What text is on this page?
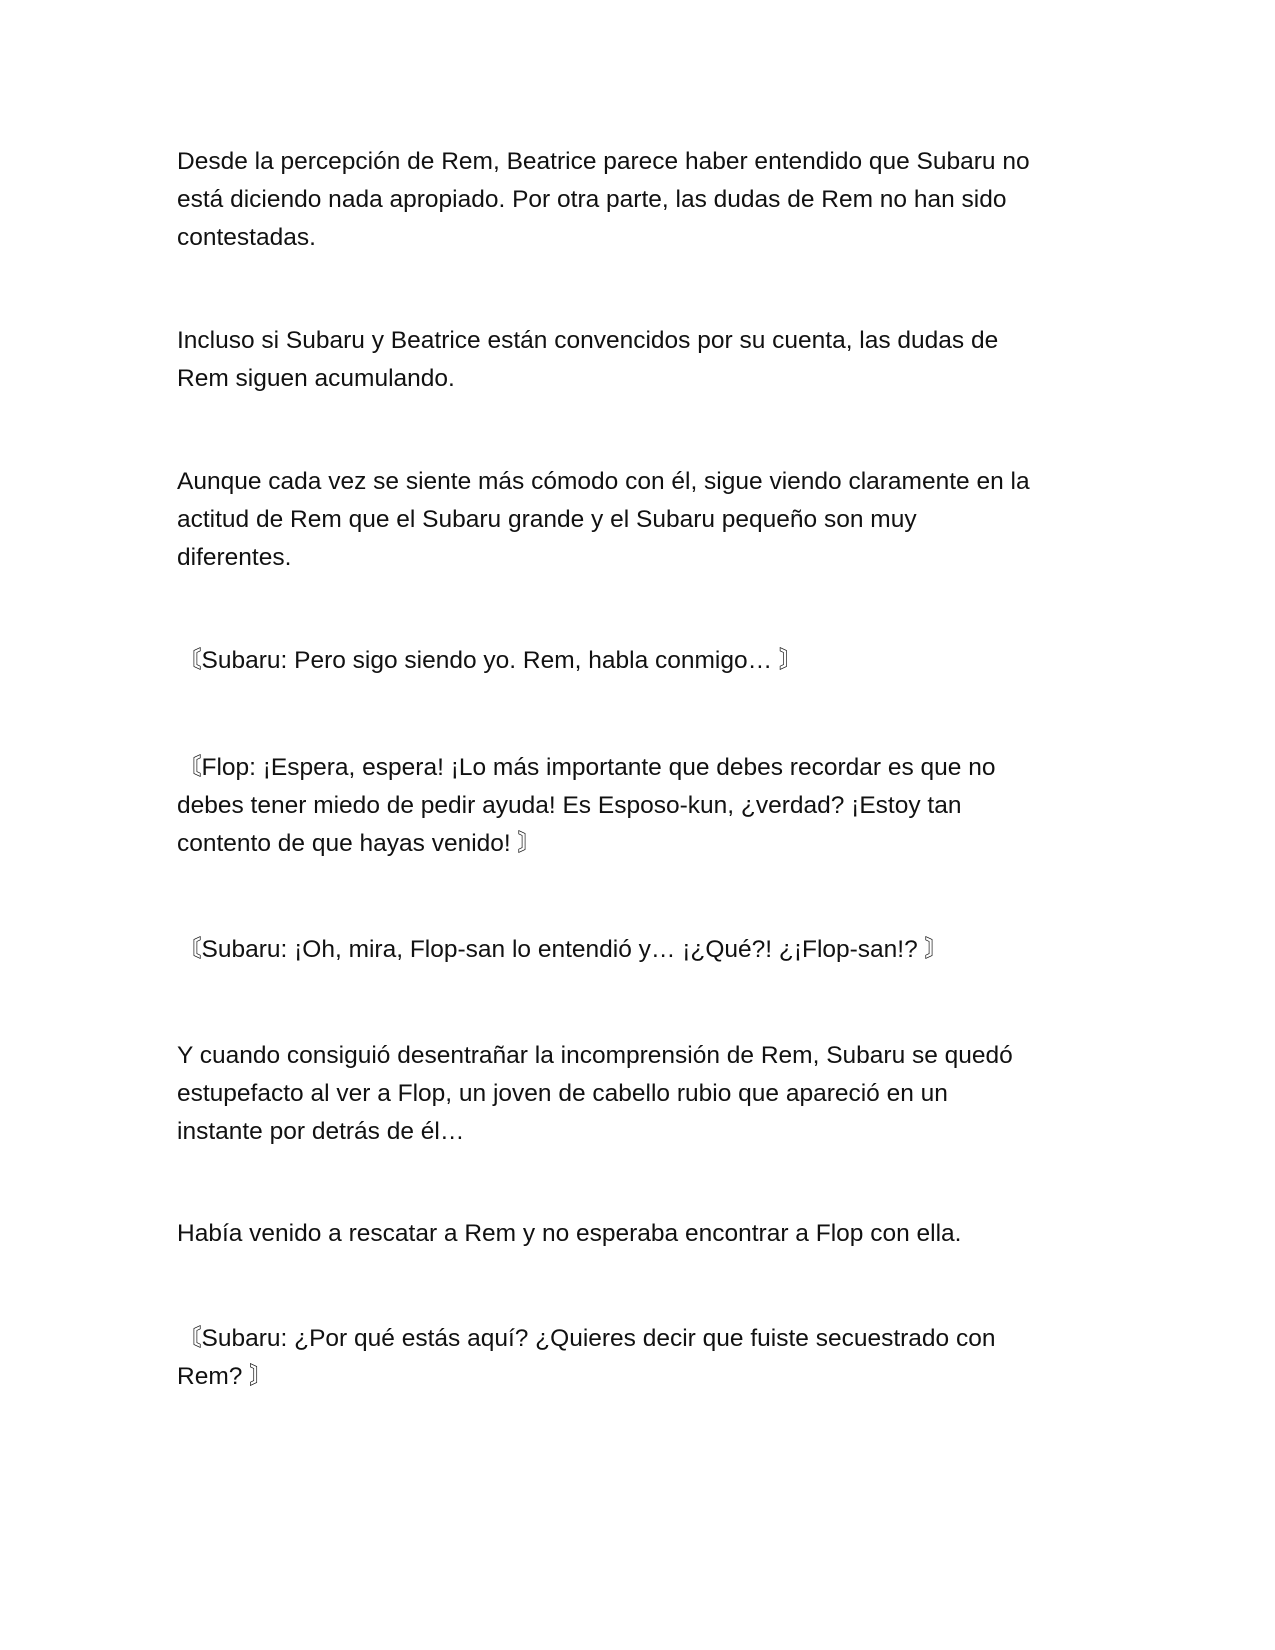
Desde la percepción de Rem, Beatrice parece haber entendido que Subaru no
está diciendo nada apropiado. Por otra parte, las dudas de Rem no han sido
contestadas.

Incluso si Subaru y Beatrice están convencidos por su cuenta, las dudas de
Rem siguen acumulando.

Aunque cada vez se siente más cómodo con él, sigue viendo claramente en la
actitud de Rem que el Subaru grande y el Subaru pequeño son muy
diferentes.

〘Subaru: Pero sigo siendo yo. Rem, habla conmigo… 〙

〘Flop: ¡Espera, espera! ¡Lo más importante que debes recordar es que no
debes tener miedo de pedir ayuda! Es Esposo-kun, ¿verdad? ¡Estoy tan
contento de que hayas venido! 〙

〘Subaru: ¡Oh, mira, Flop-san lo entendió y… ¡¿Qué?! ¿¡Flop-san!? 〙

Y cuando consiguió desentrañar la incomprensión de Rem, Subaru se quedó
estupefacto al ver a Flop, un joven de cabello rubio que apareció en un
instante por detrás de él…

Había venido a rescatar a Rem y no esperaba encontrar a Flop con ella.

〘Subaru: ¿Por qué estás aquí? ¿Quieres decir que fuiste secuestrado con
Rem? 〙
